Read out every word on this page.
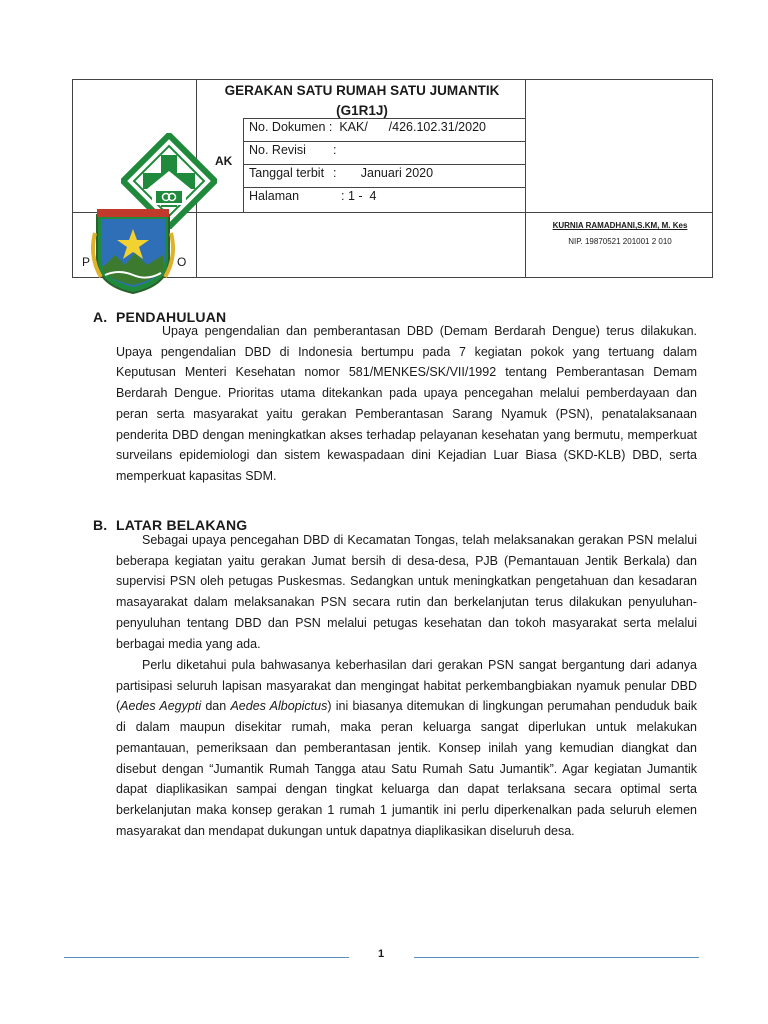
GERAKAN SATU RUMAH SATU JUMANTIK
(G1R1J)
No. Dokumen :  KAK/      /426.102.31/2020
No. Revisi :
Tanggal terbit :       Januari 2020
Halaman	: 1 -  4
AK
P	O
KURNIA RAMADHANI,S.KM, M. Kes
NIP. 19870521 201001 2 010
A. PENDAHULUAN

Upaya pengendalian dan pemberantasan DBD (Demam Berdarah Dengue) terus dilakukan. Upaya pengendalian DBD di Indonesia bertumpu pada 7 kegiatan pokok yang tertuang dalam Keputusan Menteri Kesehatan nomor 581/MENKES/SK/VII/1992 tentang Pemberantasan Demam Berdarah Dengue. Prioritas utama ditekankan pada upaya pencegahan melalui pemberdayaan dan peran serta masyarakat yaitu gerakan Pemberantasan Sarang Nyamuk (PSN), penatalaksanaan penderita DBD dengan meningkatkan akses terhadap pelayanan kesehatan yang bermutu, memperkuat surveilans epidemiologi dan sistem kewaspadaan dini Kejadian Luar Biasa (SKD-KLB) DBD, serta memperkuat kapasitas SDM.

B. LATAR BELAKANG

Sebagai upaya pencegahan DBD di Kecamatan Tongas, telah melaksanakan gerakan PSN melalui beberapa kegiatan yaitu gerakan Jumat bersih di desa-desa, PJB (Pemantauan Jentik Berkala) dan supervisi PSN oleh petugas Puskesmas. Sedangkan untuk meningkatkan pengetahuan dan kesadaran masayarakat dalam melaksanakan PSN secara rutin dan berkelanjutan terus dilakukan penyuluhan-penyuluhan tentang DBD dan PSN melalui petugas kesehatan dan tokoh masyarakat serta melalui berbagai media yang ada.

Perlu diketahui pula bahwasanya keberhasilan dari gerakan PSN sangat bergantung dari adanya partisipasi seluruh lapisan masyarakat dan mengingat habitat perkembangbiakan nyamuk penular DBD (Aedes Aegypti dan Aedes Albopictus) ini biasanya ditemukan di lingkungan perumahan penduduk baik di dalam maupun disekitar rumah, maka peran keluarga sangat diperlukan untuk melakukan pemantauan, pemeriksaan dan pemberantasan jentik. Konsep inilah yang kemudian diangkat dan disebut dengan “Jumantik Rumah Tangga atau Satu Rumah Satu Jumantik”. Agar kegiatan Jumantik dapat diaplikasikan sampai dengan tingkat keluarga dan dapat terlaksana secara optimal serta berkelanjutan maka konsep gerakan 1 rumah 1 jumantik ini perlu diperkenalkan pada seluruh elemen masyarakat dan mendapat dukungan untuk dapatnya diaplikasikan diseluruh desa.

1
